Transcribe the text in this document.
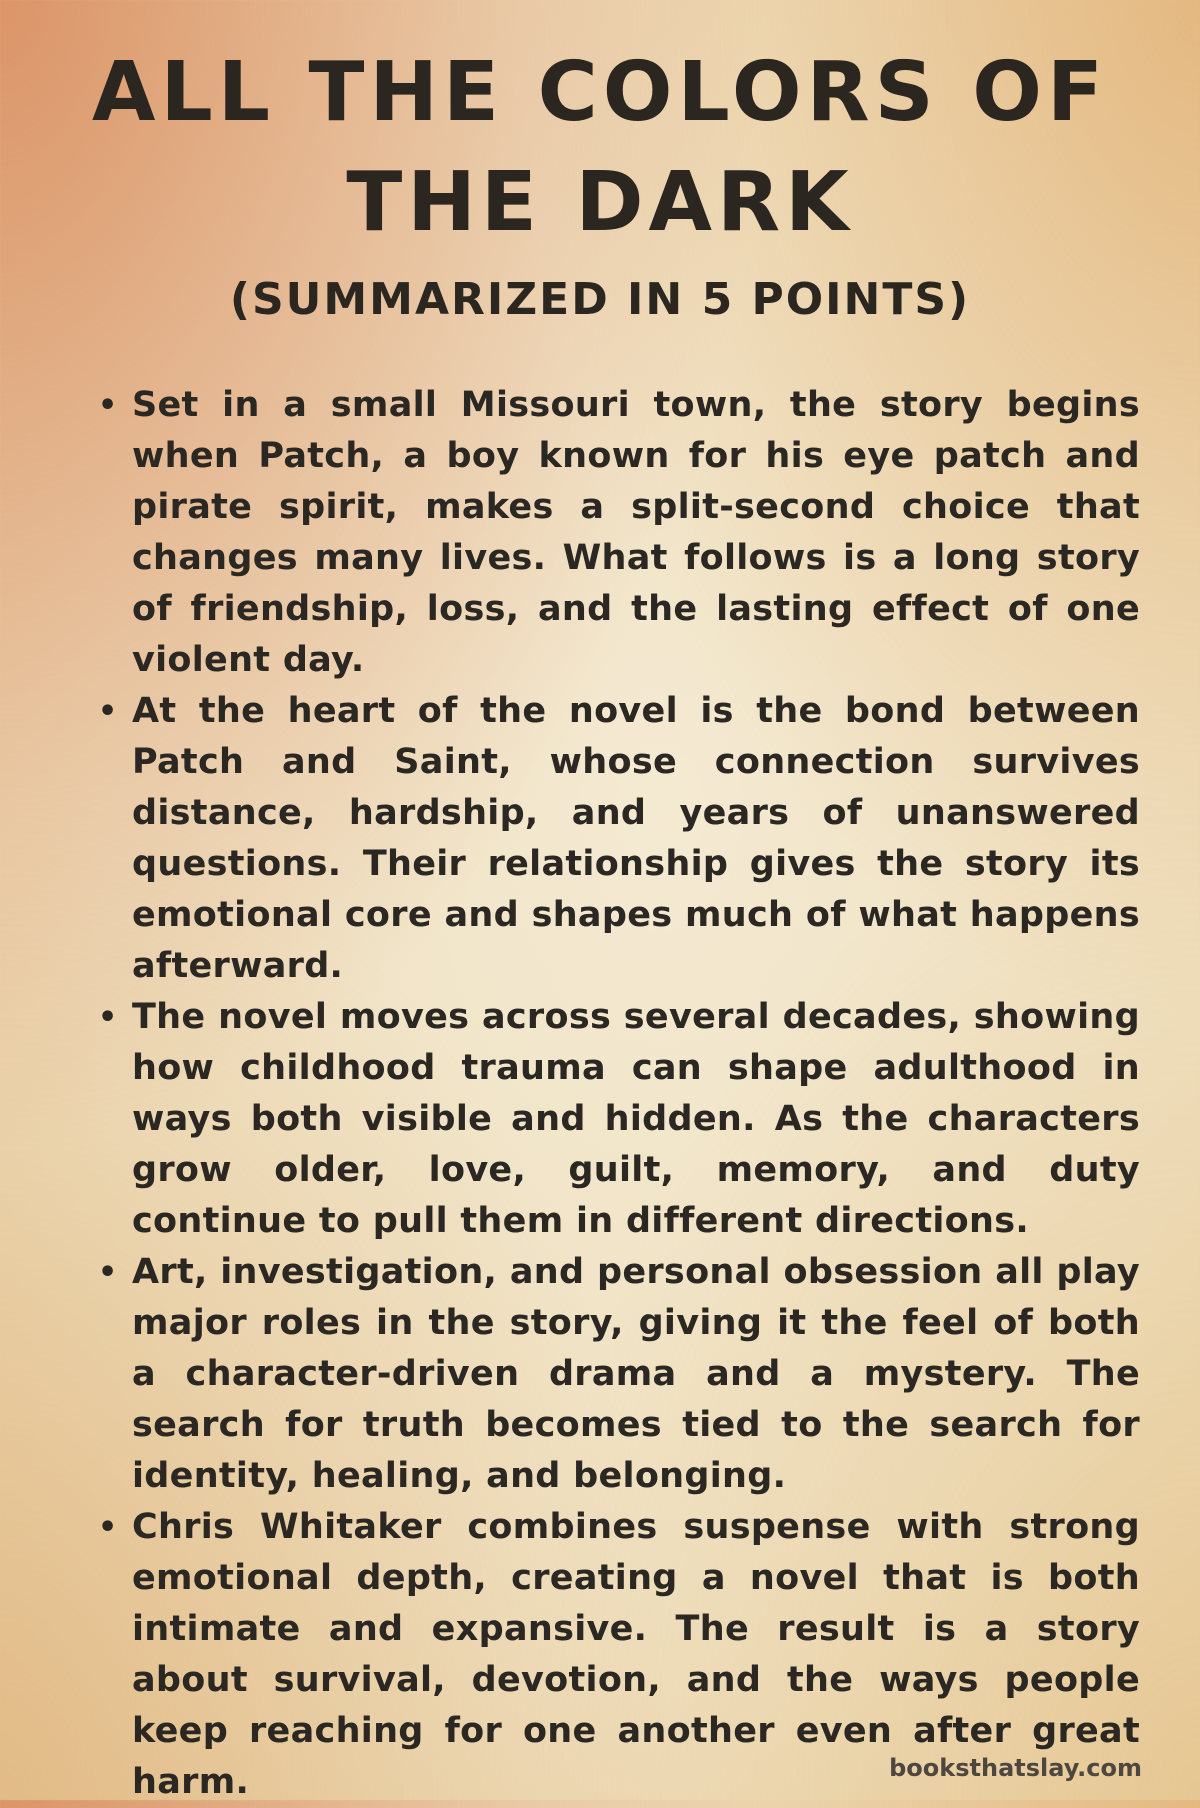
ALL THE COLORS OF
THE DARK
(SUMMARIZED IN 5 POINTS)
• Set in a small Missouri town, the story begins when Patch, a boy known for his eye patch and pirate spirit, makes a split-second choice that changes many lives. What follows is a long story of friendship, loss, and the lasting effect of one violent day.
• At the heart of the novel is the bond between Patch and Saint, whose connection survives distance, hardship, and years of unanswered questions. Their relationship gives the story its emotional core and shapes much of what happens afterward.
• The novel moves across several decades, showing how childhood trauma can shape adulthood in ways both visible and hidden. As the characters grow older, love, guilt, memory, and duty continue to pull them in different directions.
• Art, investigation, and personal obsession all play major roles in the story, giving it the feel of both a character-driven drama and a mystery. The search for truth becomes tied to the search for identity, healing, and belonging.
• Chris Whitaker combines suspense with strong emotional depth, creating a novel that is both intimate and expansive. The result is a story about survival, devotion, and the ways people keep reaching for one another even after great harm.	booksthatslay.com
